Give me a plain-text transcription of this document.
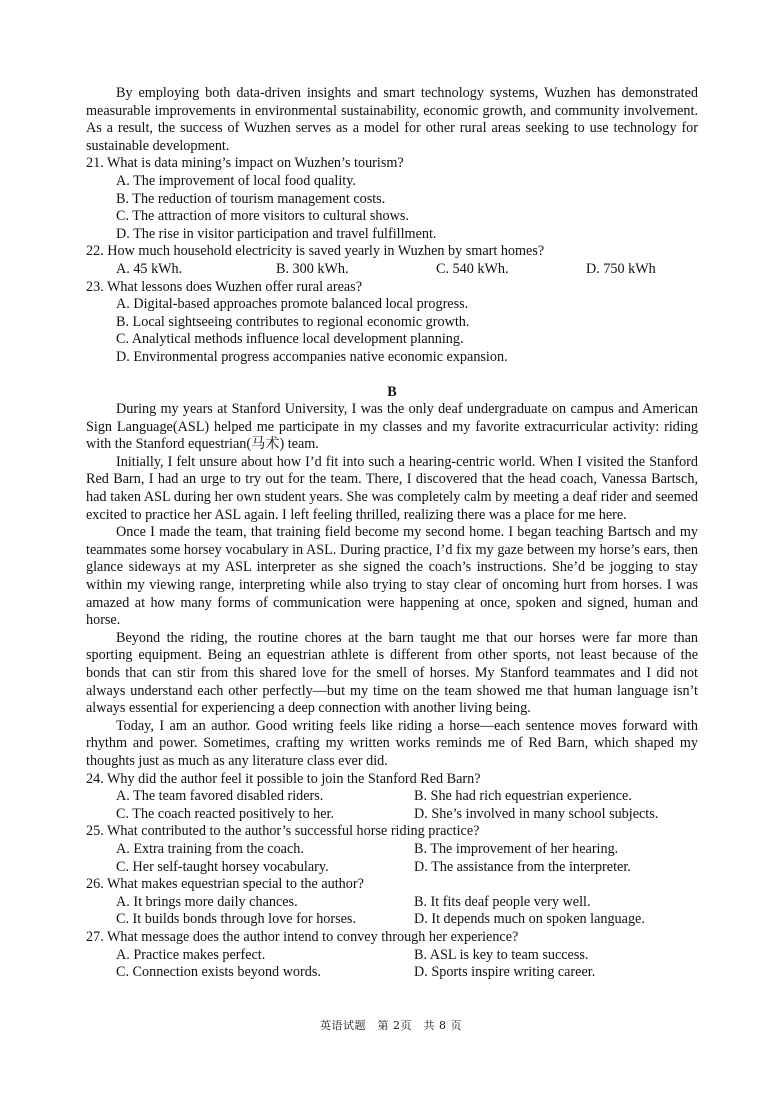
By employing both data-driven insights and smart technology systems, Wuzhen has demonstrated measurable improvements in environmental sustainability, economic growth, and community involvement. As a result, the success of Wuzhen serves as a model for other rural areas seeking to use technology for sustainable development.

21. What is data mining’s impact on Wuzhen’s tourism?

A. The improvement of local food quality.

B. The reduction of tourism management costs.

C. The attraction of more visitors to cultural shows.

D. The rise in visitor participation and travel fulfillment.

22. How much household electricity is saved yearly in Wuzhen by smart homes?

A. 45 kWh.	B. 300 kWh.	C. 540 kWh.	D. 750 kWh

23. What lessons does Wuzhen offer rural areas?

A. Digital-based approaches promote balanced local progress.

B. Local sightseeing contributes to regional economic growth.

C. Analytical methods influence local development planning.

D. Environmental progress accompanies native economic expansion.

B

During my years at Stanford University, I was the only deaf undergraduate on campus and American Sign Language(ASL) helped me participate in my classes and my favorite extracurricular activity: riding with the Stanford equestrian(马术) team.

Initially, I felt unsure about how I’d fit into such a hearing-centric world. When I visited the Stanford Red Barn, I had an urge to try out for the team. There, I discovered that the head coach, Vanessa Bartsch, had taken ASL during her own student years. She was completely calm by meeting a deaf rider and seemed excited to practice her ASL again. I left feeling thrilled, realizing there was a place for me here.

Once I made the team, that training field become my second home. I began teaching Bartsch and my teammates some horsey vocabulary in ASL. During practice, I’d fix my gaze between my horse’s ears, then glance sideways at my ASL interpreter as she signed the coach’s instructions. She’d be jogging to stay within my viewing range, interpreting while also trying to stay clear of oncoming hurt from horses. I was amazed at how many forms of communication were happening at once, spoken and signed, human and horse.

Beyond the riding, the routine chores at the barn taught me that our horses were far more than sporting equipment. Being an equestrian athlete is different from other sports, not least because of the bonds that can stir from this shared love for the smell of horses. My Stanford teammates and I did not always understand each other perfectly—but my time on the team showed me that human language isn’t always essential for experiencing a deep connection with another living being.

Today, I am an author. Good writing feels like riding a horse—each sentence moves forward with rhythm and power. Sometimes, crafting my written works reminds me of Red Barn, which shaped my thoughts just as much as any literature class ever did.

24. Why did the author feel it possible to join the Stanford Red Barn?

A. The team favored disabled riders.	B. She had rich equestrian experience.
C. The coach reacted positively to her.	D. She’s involved in many school subjects.

25. What contributed to the author’s successful horse riding practice?

A. Extra training from the coach.	B. The improvement of her hearing.
C. Her self-taught horsey vocabulary.	D. The assistance from the interpreter.

26. What makes equestrian special to the author?

A. It brings more daily chances.	B. It fits deaf people very well.
C. It builds bonds through love for horses.	D. It depends much on spoken language.

27. What message does the author intend to convey through her experience?

A. Practice makes perfect.	B. ASL is key to team success.
C. Connection exists beyond words.	D. Sports inspire writing career.
英语试题　第 2页　共 8 页
